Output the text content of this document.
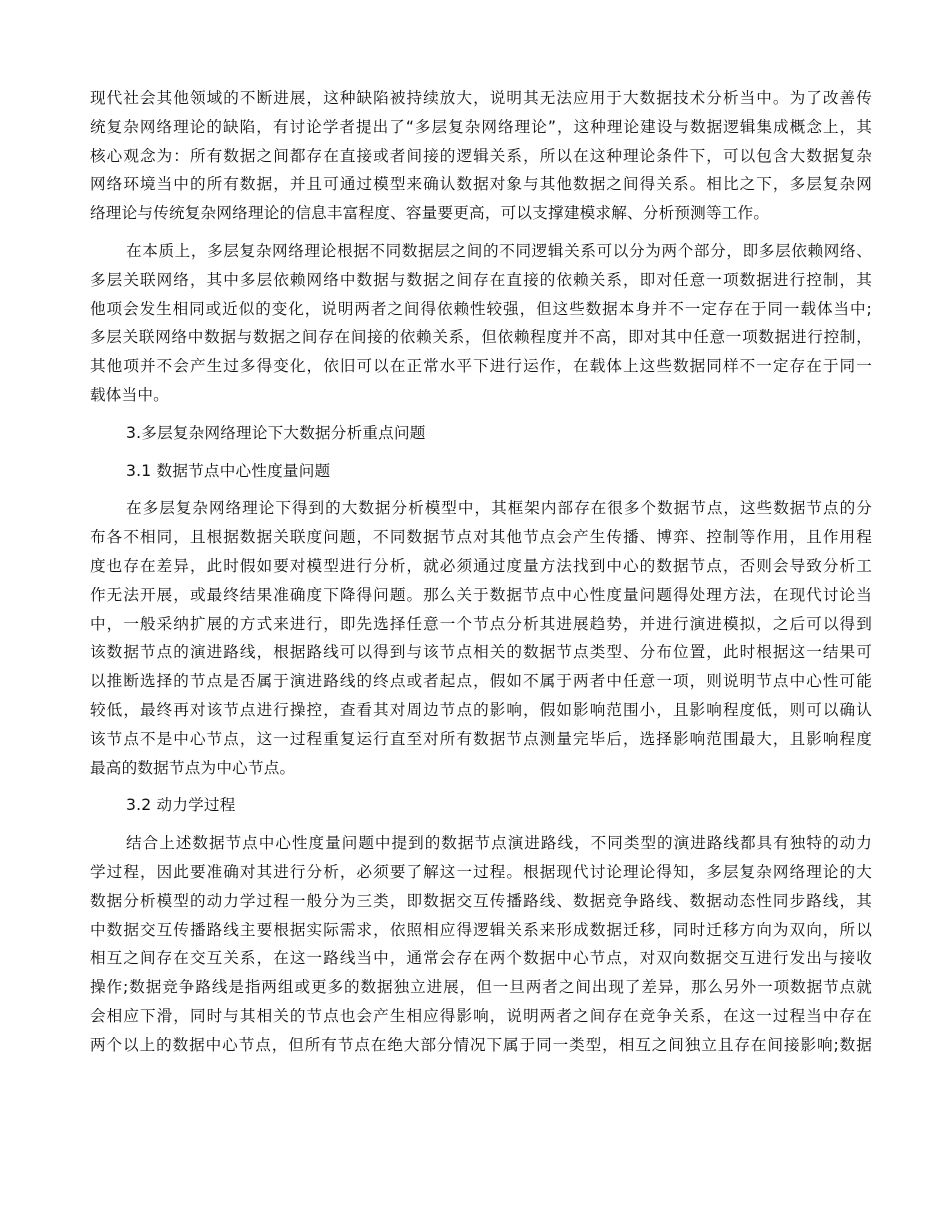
现代社会其他领域的不断进展，这种缺陷被持续放大，说明其无法应用于大数据技术分析当中。为了改善传
统复杂网络理论的缺陷，有讨论学者提出了“多层复杂网络理论”，这种理论建设与数据逻辑集成概念上，其
核心观念为：所有数据之间都存在直接或者间接的逻辑关系，所以在这种理论条件下，可以包含大数据复杂
网络环境当中的所有数据，并且可通过模型来确认数据对象与其他数据之间得关系。相比之下，多层复杂网
络理论与传统复杂网络理论的信息丰富程度、容量要更高，可以支撑建模求解、分析预测等工作。
在本质上，多层复杂网络理论根据不同数据层之间的不同逻辑关系可以分为两个部分，即多层依赖网络、
多层关联网络，其中多层依赖网络中数据与数据之间存在直接的依赖关系，即对任意一项数据进行控制，其
他项会发生相同或近似的变化，说明两者之间得依赖性较强，但这些数据本身并不一定存在于同一载体当中;
多层关联网络中数据与数据之间存在间接的依赖关系，但依赖程度并不高，即对其中任意一项数据进行控制，
其他项并不会产生过多得变化，依旧可以在正常水平下进行运作，在载体上这些数据同样不一定存在于同一
载体当中。
3.多层复杂网络理论下大数据分析重点问题
3.1 数据节点中心性度量问题
在多层复杂网络理论下得到的大数据分析模型中，其框架内部存在很多个数据节点，这些数据节点的分
布各不相同，且根据数据关联度问题，不同数据节点对其他节点会产生传播、博弈、控制等作用，且作用程
度也存在差异，此时假如要对模型进行分析，就必须通过度量方法找到中心的数据节点，否则会导致分析工
作无法开展，或最终结果准确度下降得问题。那么关于数据节点中心性度量问题得处理方法，在现代讨论当
中，一般采纳扩展的方式来进行，即先选择任意一个节点分析其进展趋势，并进行演进模拟，之后可以得到
该数据节点的演进路线，根据路线可以得到与该节点相关的数据节点类型、分布位置，此时根据这一结果可
以推断选择的节点是否属于演进路线的终点或者起点，假如不属于两者中任意一项，则说明节点中心性可能
较低，最终再对该节点进行操控，查看其对周边节点的影响，假如影响范围小，且影响程度低，则可以确认
该节点不是中心节点，这一过程重复运行直至对所有数据节点测量完毕后，选择影响范围最大，且影响程度
最高的数据节点为中心节点。
3.2 动力学过程
结合上述数据节点中心性度量问题中提到的数据节点演进路线，不同类型的演进路线都具有独特的动力
学过程，因此要准确对其进行分析，必须要了解这一过程。根据现代讨论理论得知，多层复杂网络理论的大
数据分析模型的动力学过程一般分为三类，即数据交互传播路线、数据竞争路线、数据动态性同步路线，其
中数据交互传播路线主要根据实际需求，依照相应得逻辑关系来形成数据迁移，同时迁移方向为双向，所以
相互之间存在交互关系，在这一路线当中，通常会存在两个数据中心节点，对双向数据交互进行发出与接收
操作;数据竞争路线是指两组或更多的数据独立进展，但一旦两者之间出现了差异，那么另外一项数据节点就
会相应下滑，同时与其相关的节点也会产生相应得影响，说明两者之间存在竞争关系，在这一过程当中存在
两个以上的数据中心节点，但所有节点在绝大部分情况下属于同一类型，相互之间独立且存在间接影响;数据
